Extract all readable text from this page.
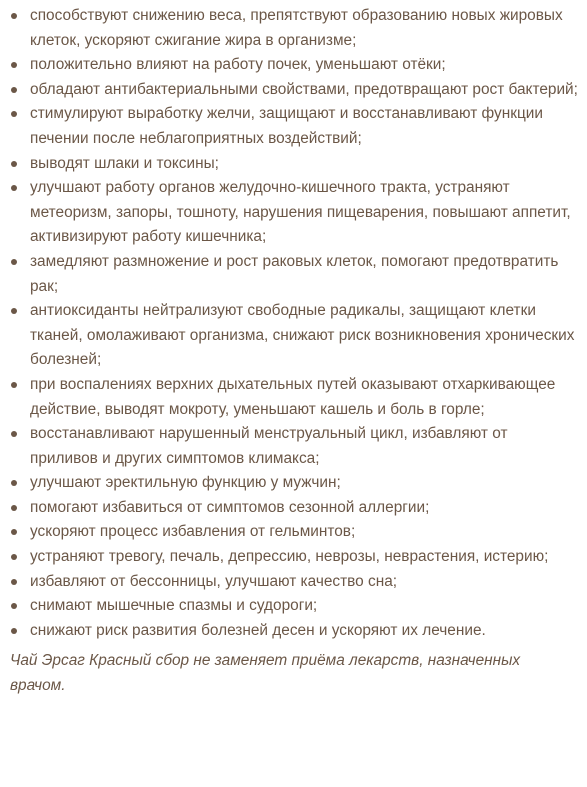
способствуют снижению веса, препятствуют образованию новых жировых клеток, ускоряют сжигание жира в организме;
положительно влияют на работу почек, уменьшают отёки;
обладают антибактериальными свойствами, предотвращают рост бактерий;
стимулируют выработку желчи, защищают и восстанавливают функции печении после неблагоприятных воздействий;
выводят шлаки и токсины;
улучшают работу органов желудочно-кишечного тракта, устраняют метеоризм, запоры, тошноту, нарушения пищеварения, повышают аппетит, активизируют работу кишечника;
замедляют размножение и рост раковых клеток, помогают предотвратить рак;
антиоксиданты нейтрализуют свободные радикалы, защищают клетки тканей, омолаживают организма, снижают риск возникновения хронических болезней;
при воспалениях верхних дыхательных путей оказывают отхаркивающее действие, выводят мокроту, уменьшают кашель и боль в горле;
восстанавливают нарушенный менструальный цикл, избавляют от приливов и других симптомов климакса;
улучшают эректильную функцию у мужчин;
помогают избавиться от симптомов сезонной аллергии;
ускоряют процесс избавления от гельминтов;
устраняют тревогу, печаль, депрессию, неврозы, неврастения, истерию;
избавляют от бессонницы, улучшают качество сна;
снимают мышечные спазмы и судороги;
снижают риск развития болезней десен и ускоряют их лечение.

Чай Эрсаг Красный сбор не заменяет приёма лекарств, назначенных врачом.
